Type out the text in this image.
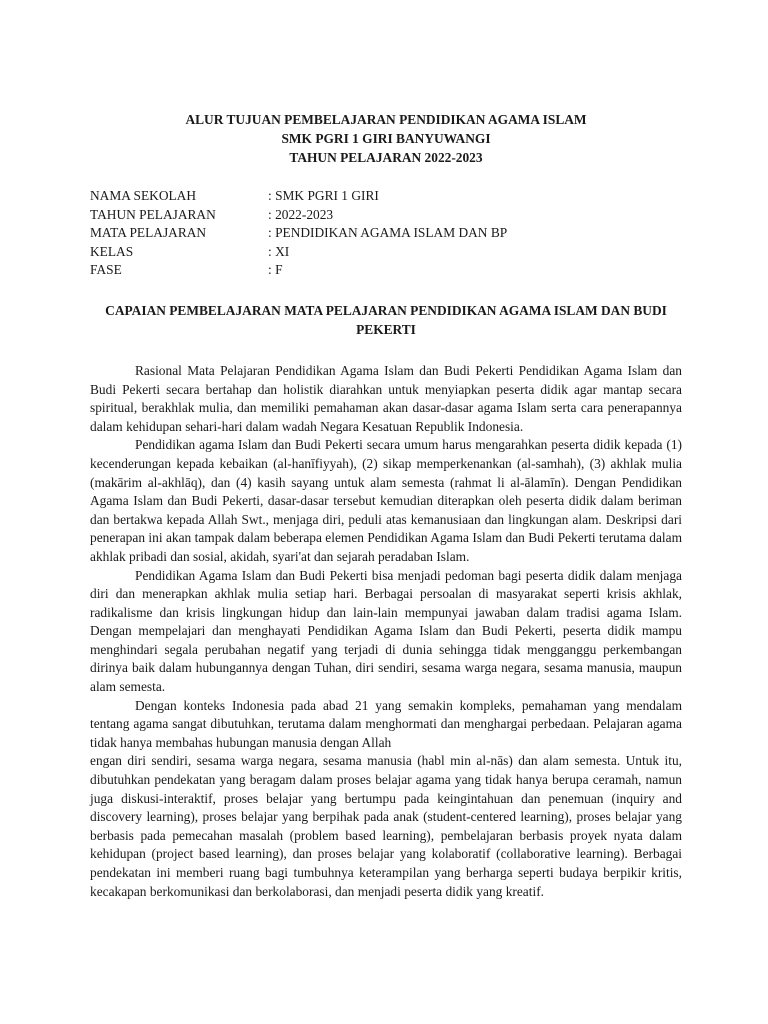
ALUR TUJUAN PEMBELAJARAN PENDIDIKAN AGAMA ISLAM
SMK PGRI 1 GIRI BANYUWANGI
TAHUN PELAJARAN 2022-2023
NAMA SEKOLAH	: SMK PGRI 1 GIRI
TAHUN PELAJARAN	: 2022-2023
MATA PELAJARAN	: PENDIDIKAN AGAMA ISLAM DAN BP
KELAS	: XI
FASE	: F
CAPAIAN PEMBELAJARAN MATA PELAJARAN PENDIDIKAN AGAMA ISLAM DAN BUDI PEKERTI

Rasional Mata Pelajaran Pendidikan Agama Islam dan Budi Pekerti Pendidikan Agama Islam dan Budi Pekerti secara bertahap dan holistik diarahkan untuk menyiapkan peserta didik agar mantap secara spiritual, berakhlak mulia, dan memiliki pemahaman akan dasar-dasar agama Islam serta cara penerapannya dalam kehidupan sehari-hari dalam wadah Negara Kesatuan Republik Indonesia.

Pendidikan agama Islam dan Budi Pekerti secara umum harus mengarahkan peserta didik kepada (1) kecenderungan kepada kebaikan (al-hanīfiyyah), (2) sikap memperkenankan (al-samhah), (3) akhlak mulia (makārim al-akhlāq), dan (4) kasih sayang untuk alam semesta (rahmat li al-ālamīn). Dengan Pendidikan Agama Islam dan Budi Pekerti, dasar-dasar tersebut kemudian diterapkan oleh peserta didik dalam beriman dan bertakwa kepada Allah Swt., menjaga diri, peduli atas kemanusiaan dan lingkungan alam. Deskripsi dari penerapan ini akan tampak dalam beberapa elemen Pendidikan Agama Islam dan Budi Pekerti terutama dalam akhlak pribadi dan sosial, akidah, syari'at dan sejarah peradaban Islam.

Pendidikan Agama Islam dan Budi Pekerti bisa menjadi pedoman bagi peserta didik dalam menjaga diri dan menerapkan akhlak mulia setiap hari. Berbagai persoalan di masyarakat seperti krisis akhlak, radikalisme dan krisis lingkungan hidup dan lain-lain mempunyai jawaban dalam tradisi agama Islam. Dengan mempelajari dan menghayati Pendidikan Agama Islam dan Budi Pekerti, peserta didik mampu menghindari segala perubahan negatif yang terjadi di dunia sehingga tidak mengganggu perkembangan dirinya baik dalam hubungannya dengan Tuhan, diri sendiri, sesama warga negara, sesama manusia, maupun alam semesta.

Dengan konteks Indonesia pada abad 21 yang semakin kompleks, pemahaman yang mendalam tentang agama sangat dibutuhkan, terutama dalam menghormati dan menghargai perbedaan. Pelajaran agama tidak hanya membahas hubungan manusia dengan Allah

engan diri sendiri, sesama warga negara, sesama manusia (habl min al-nās) dan alam semesta. Untuk itu, dibutuhkan pendekatan yang beragam dalam proses belajar agama yang tidak hanya berupa ceramah, namun juga diskusi-interaktif, proses belajar yang bertumpu pada keingintahuan dan penemuan (inquiry and discovery learning), proses belajar yang berpihak pada anak (student-centered learning), proses belajar yang berbasis pada pemecahan masalah (problem based learning), pembelajaran berbasis proyek nyata dalam kehidupan (project based learning), dan proses belajar yang kolaboratif (collaborative learning). Berbagai pendekatan ini memberi ruang bagi tumbuhnya keterampilan yang berharga seperti budaya berpikir kritis, kecakapan berkomunikasi dan berkolaborasi, dan menjadi peserta didik yang kreatif.
